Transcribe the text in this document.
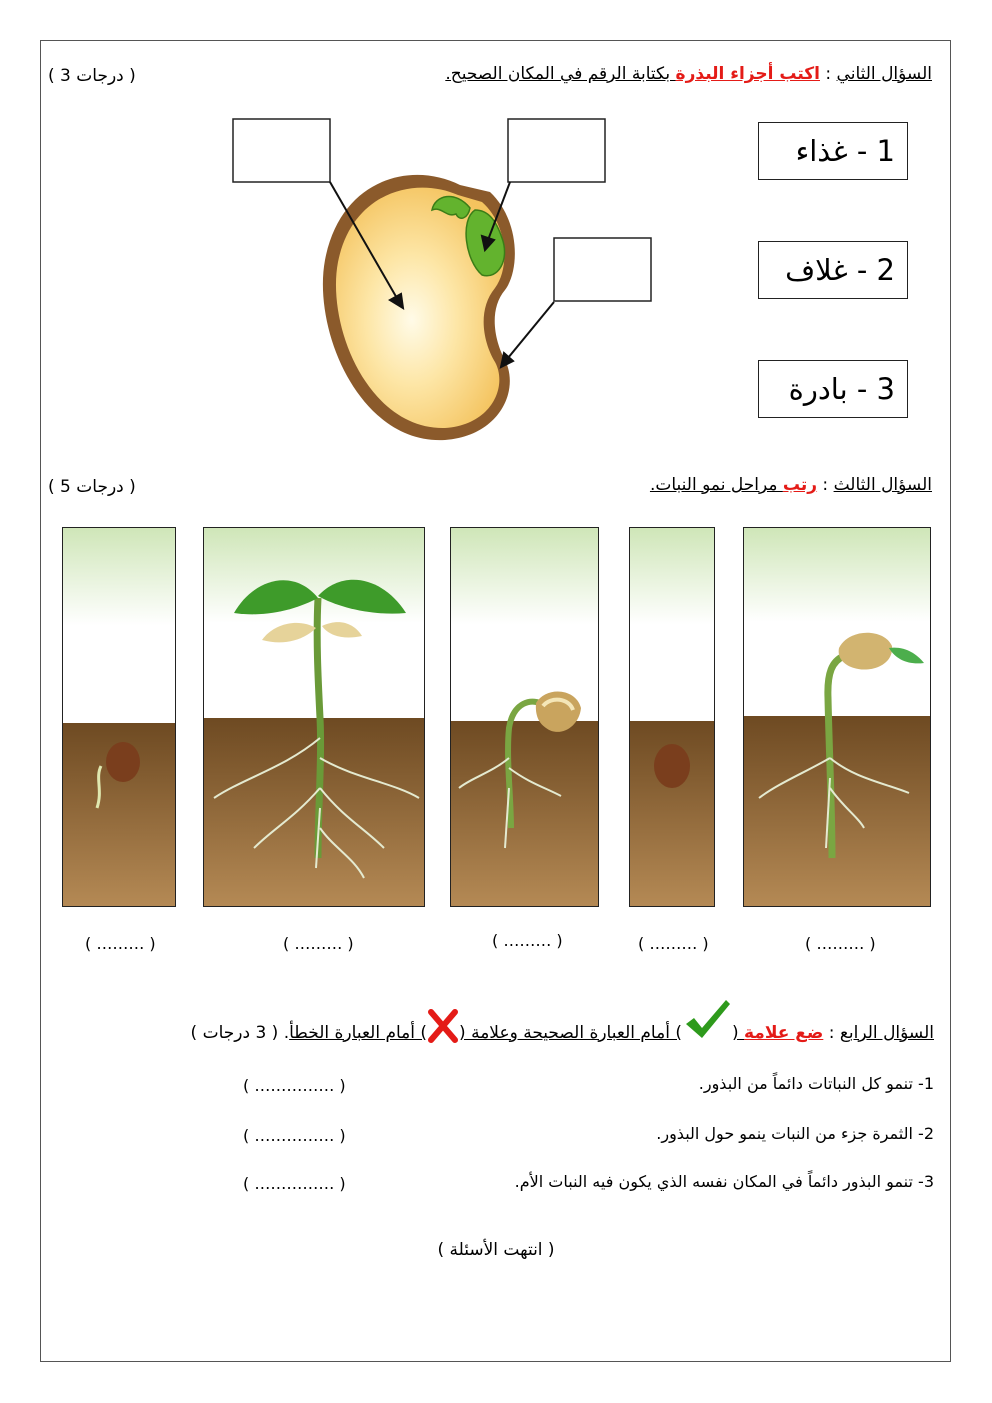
السؤال الثاني : اكتب أجزاء البذرة بكتابة الرقم في المكان الصحيح.
( 3 درجات )
1 - غذاء
2 - غلاف
3 - بادرة
السؤال الثالث : رتب مراحل نمو النبات.
( 5 درجات )
( ……… )	( ……… )	( ……… )	( ……… )	( ……… )
السؤال الرابع : ضع علامة (
) أمام العبارة الصحيحة وعلامة (
) أمام العبارة الخطأ. ( 3 درجات )
1- تنمو كل النباتات دائماً من البذور.
( …………… )
2- الثمرة جزء من النبات ينمو حول البذور.
( …………… )
3- تنمو البذور دائماً في المكان نفسه الذي يكون فيه النبات الأم.
( …………… )
( انتهت الأسئلة )
